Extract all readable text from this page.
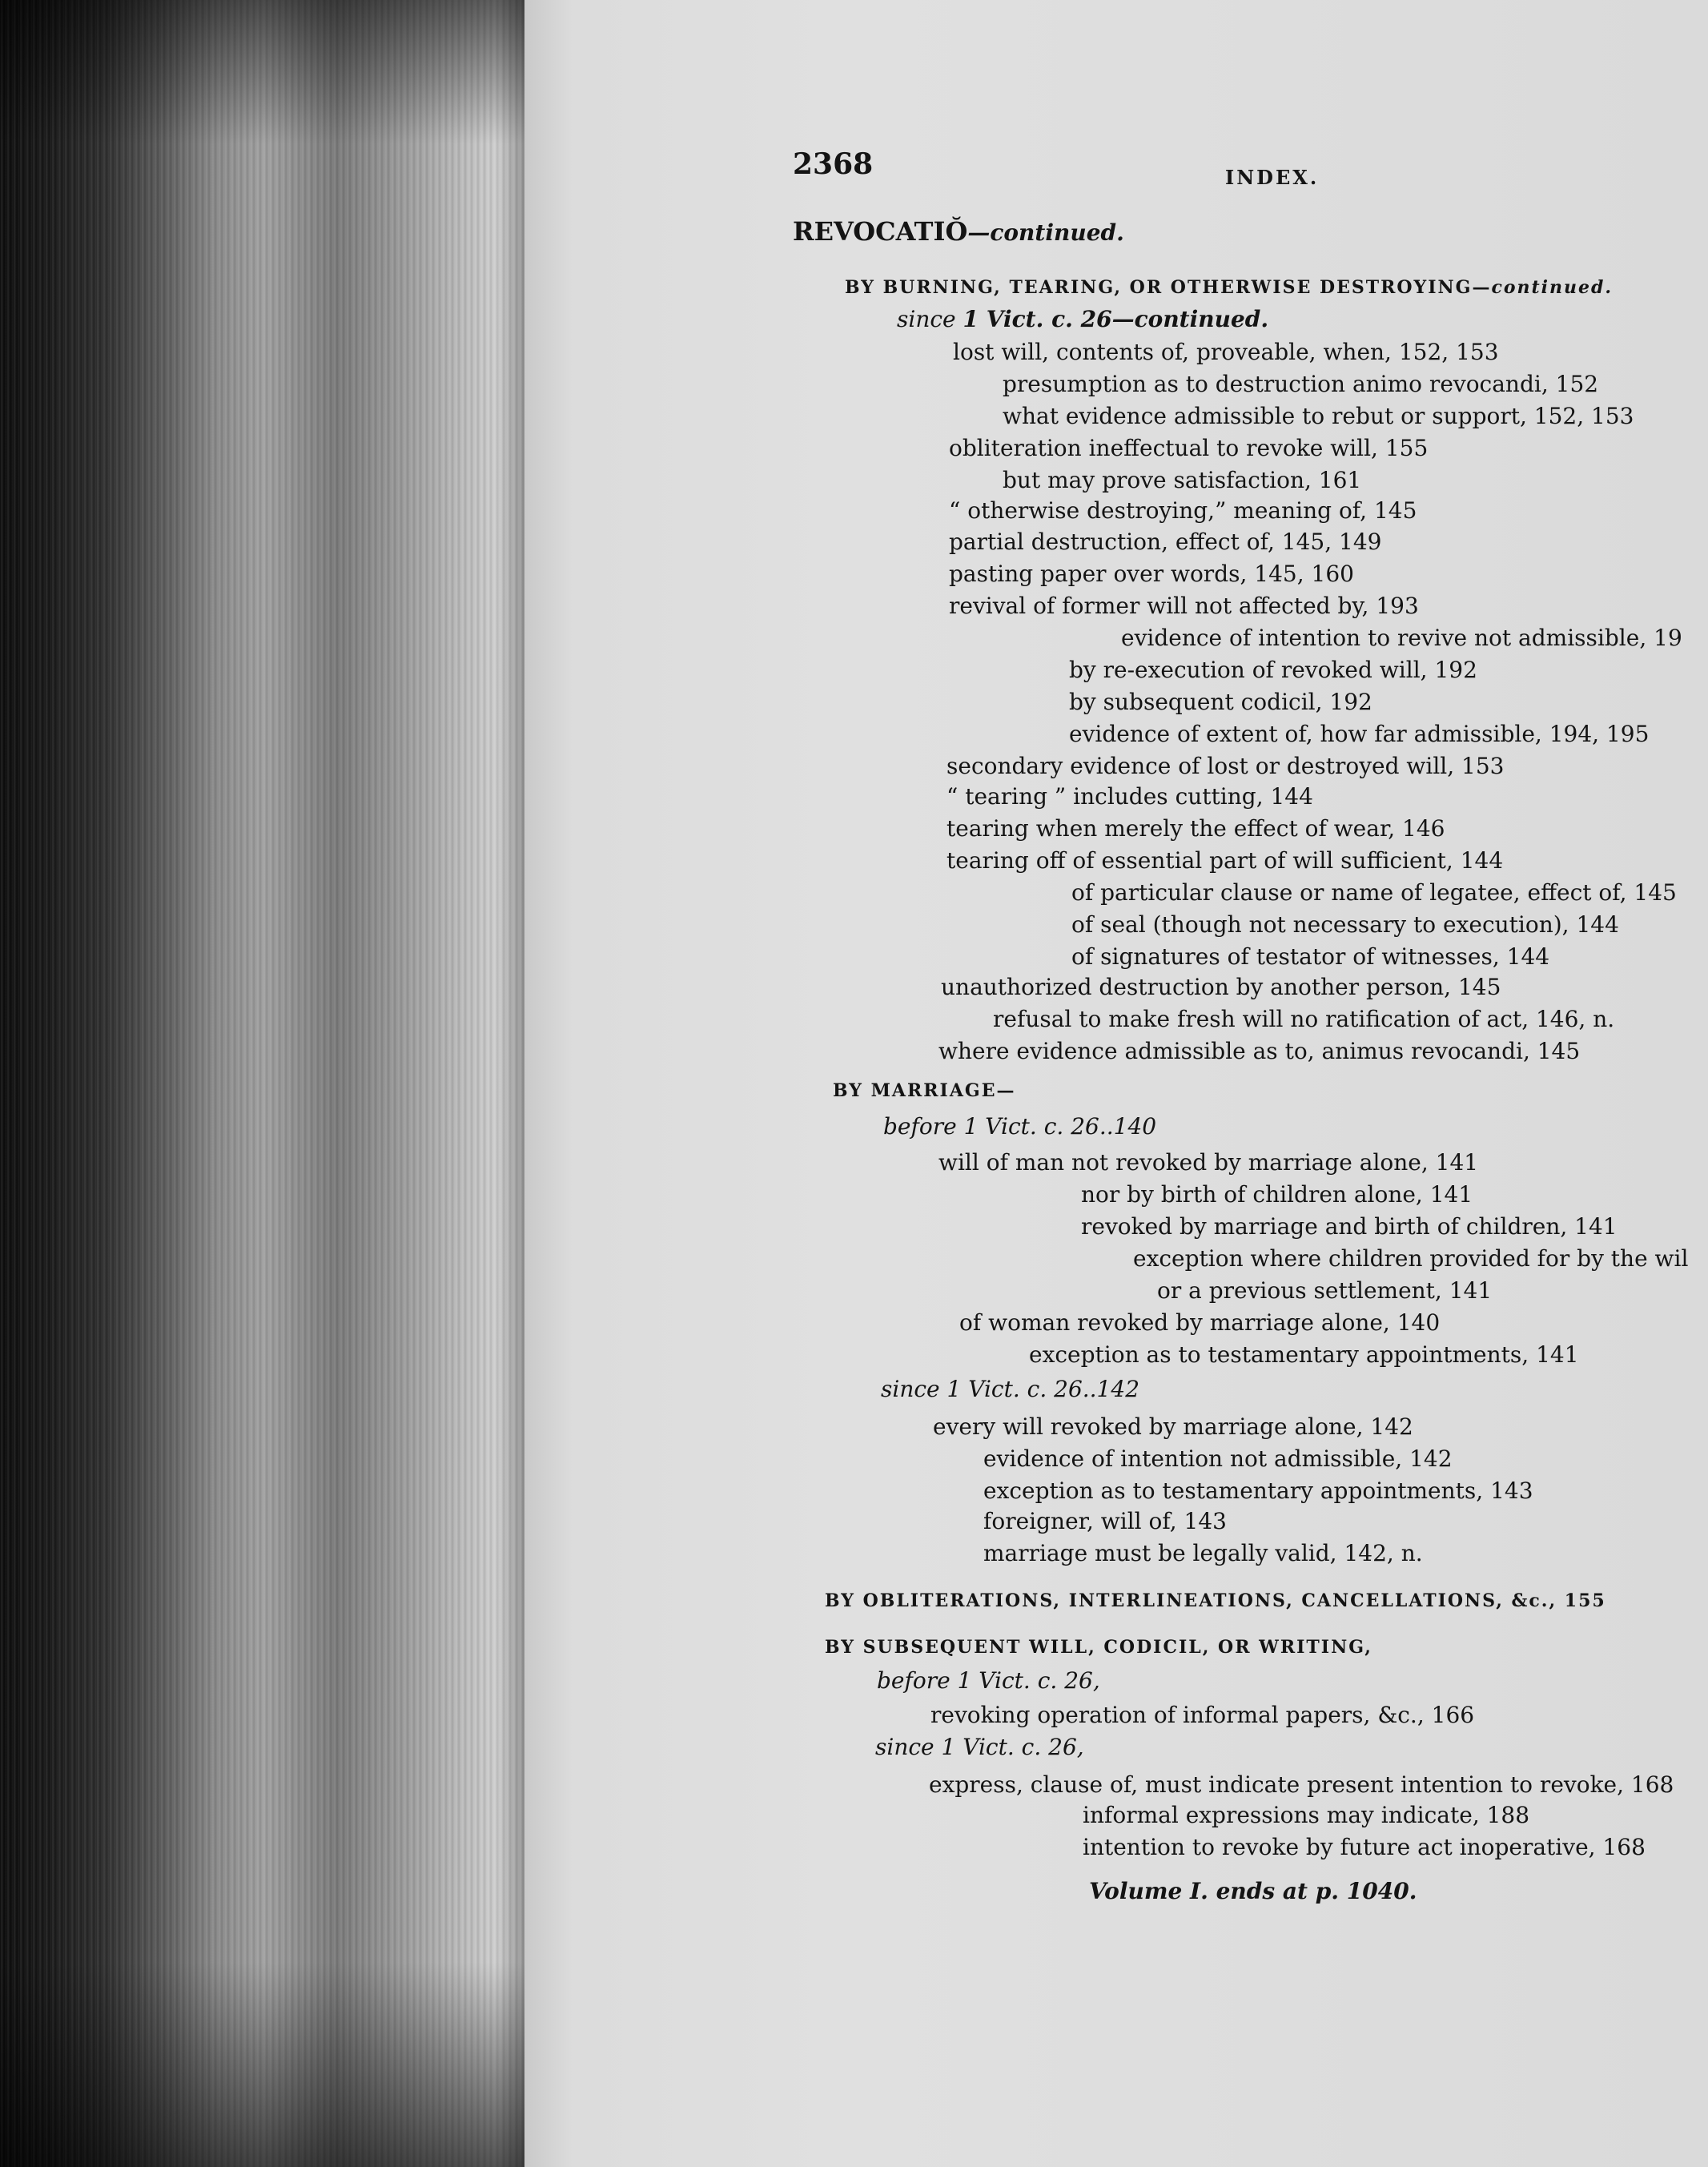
2368	INDEX.
REVOCATIO—continued.
BY BURNING, TEARING, OR OTHERWISE DESTROYING—continued.
since 1 Vict. c. 26—continued.
lost will, contents of, proveable, when, 152, 153
presumption as to destruction animo revocandi, 152
what evidence admissible to rebut or support, 152, 153
obliteration ineffectual to revoke will, 155
but may prove satisfaction, 161
“ otherwise destroying,” meaning of, 145
partial destruction, effect of, 145, 149
pasting paper over words, 145, 160
revival of former will not affected by, 193
evidence of intention to revive not admissible, 19
by re-execution of revoked will, 192
by subsequent codicil, 192
evidence of extent of, how far admissible, 194, 195
secondary evidence of lost or destroyed will, 153
“ tearing ” includes cutting, 144
tearing when merely the effect of wear, 146
tearing off of essential part of will sufficient, 144
of particular clause or name of legatee, effect of, 145
of seal (though not necessary to execution), 144
of signatures of testator of witnesses, 144
unauthorized destruction by another person, 145
refusal to make fresh will no ratification of act, 146, n.
where evidence admissible as to, animus revocandi, 145
BY MARRIAGE—
before 1 Vict. c. 26..140
will of man not revoked by marriage alone, 141
nor by birth of children alone, 141
revoked by marriage and birth of children, 141
exception where children provided for by the wil
or a previous settlement, 141
of woman revoked by marriage alone, 140
exception as to testamentary appointments, 141
since 1 Vict. c. 26..142
every will revoked by marriage alone, 142
evidence of intention not admissible, 142
exception as to testamentary appointments, 143
foreigner, will of, 143
marriage must be legally valid, 142, n.
BY OBLITERATIONS, INTERLINEATIONS, CANCELLATIONS, &c., 155
BY SUBSEQUENT WILL, CODICIL, OR WRITING,
before 1 Vict. c. 26,
revoking operation of informal papers, &c., 166
since 1 Vict. c. 26,
express, clause of, must indicate present intention to revoke, 168
informal expressions may indicate, 188
intention to revoke by future act inoperative, 168
Volume I. ends at p. 1040.
